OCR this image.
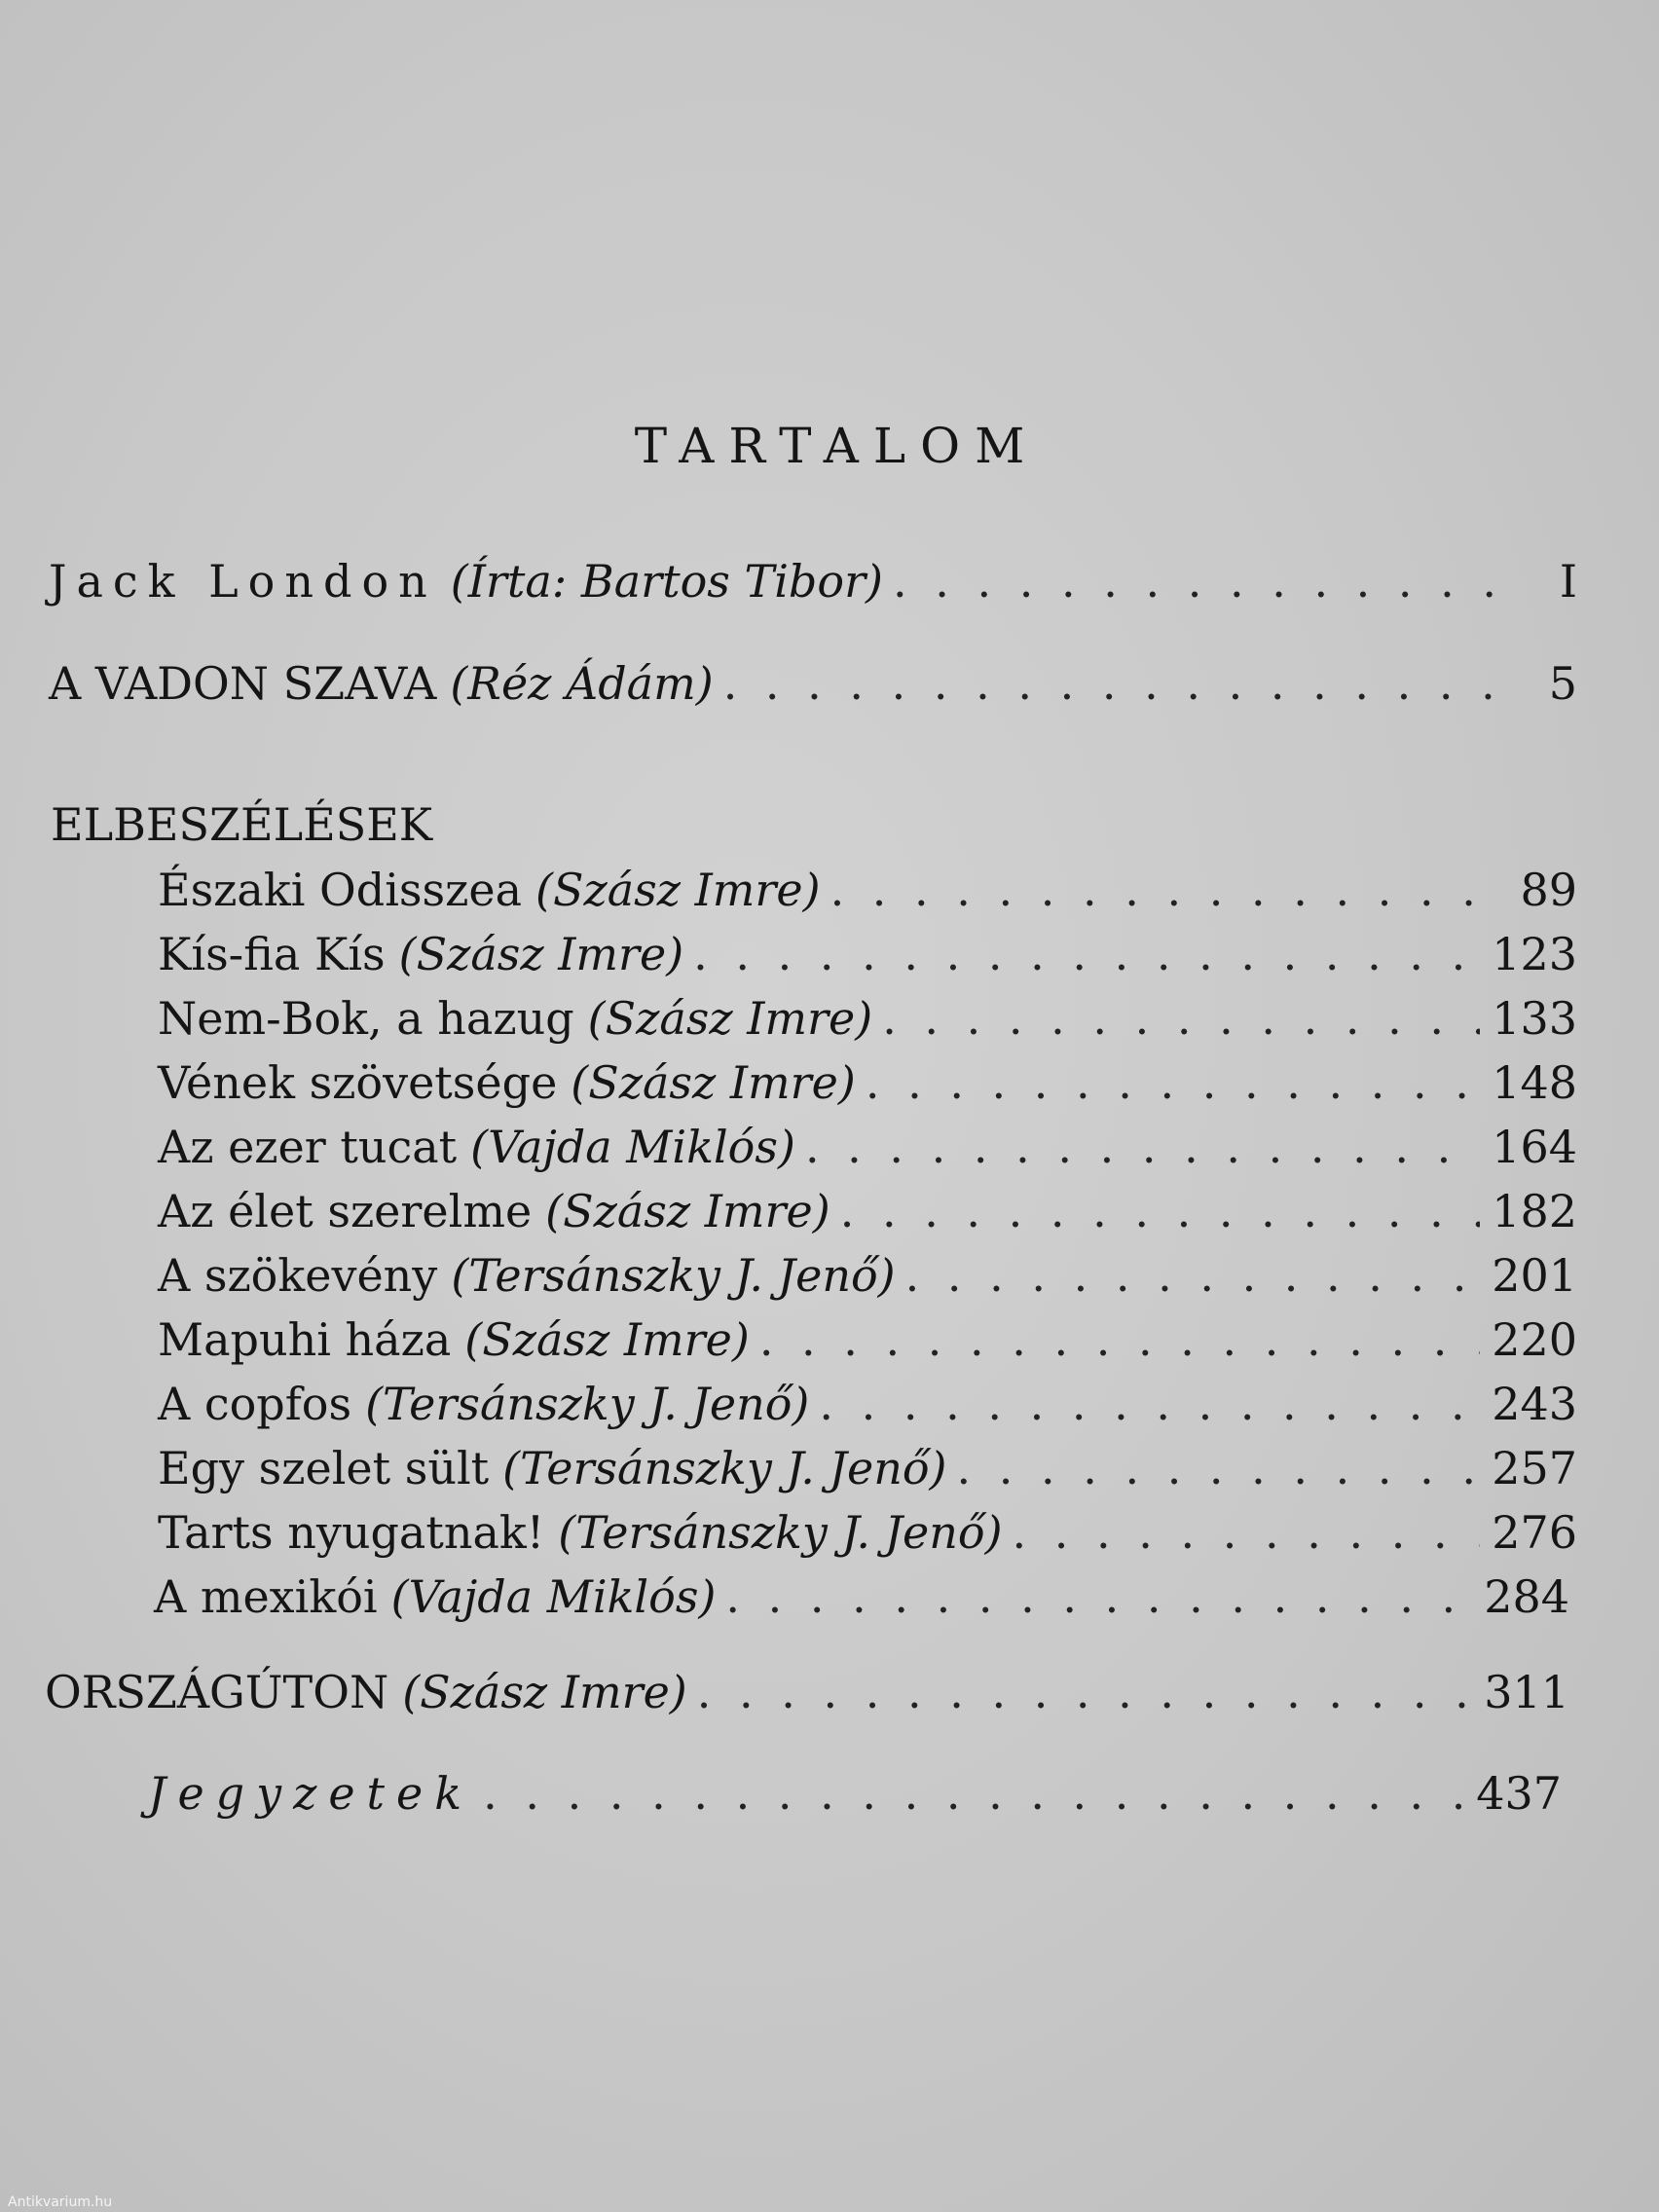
TARTALOM
Jack London (Írta: Bartos Tibor) . . .	I
A VADON SZAVA (Réz Ádám) . . .	5
ELBESZÉLÉSEK
Északi Odisszea (Szász Imre) . . .	89
Kís-fia Kís (Szász Imre) . . .	123
Nem-Bok, a hazug (Szász Imre) . . .	133
Vének szövetsége (Szász Imre) . . .	148
Az ezer tucat (Vajda Miklós) . . .	164
Az élet szerelme (Szász Imre) . . .	182
A szökevény (Tersánszky J. Jenő) . . .	201
Mapuhi háza (Szász Imre) . . .	220
A copfos (Tersánszky J. Jenő) . . .	243
Egy szelet sült (Tersánszky J. Jenő) . . .	257
Tarts nyugatnak! (Tersánszky J. Jenő) . . .	276
A mexikói (Vajda Miklós) . . .	284
ORSZÁGÚTON (Szász Imre) . . .	311
Jegyzetek . . .	437
Antikvarium.hu
